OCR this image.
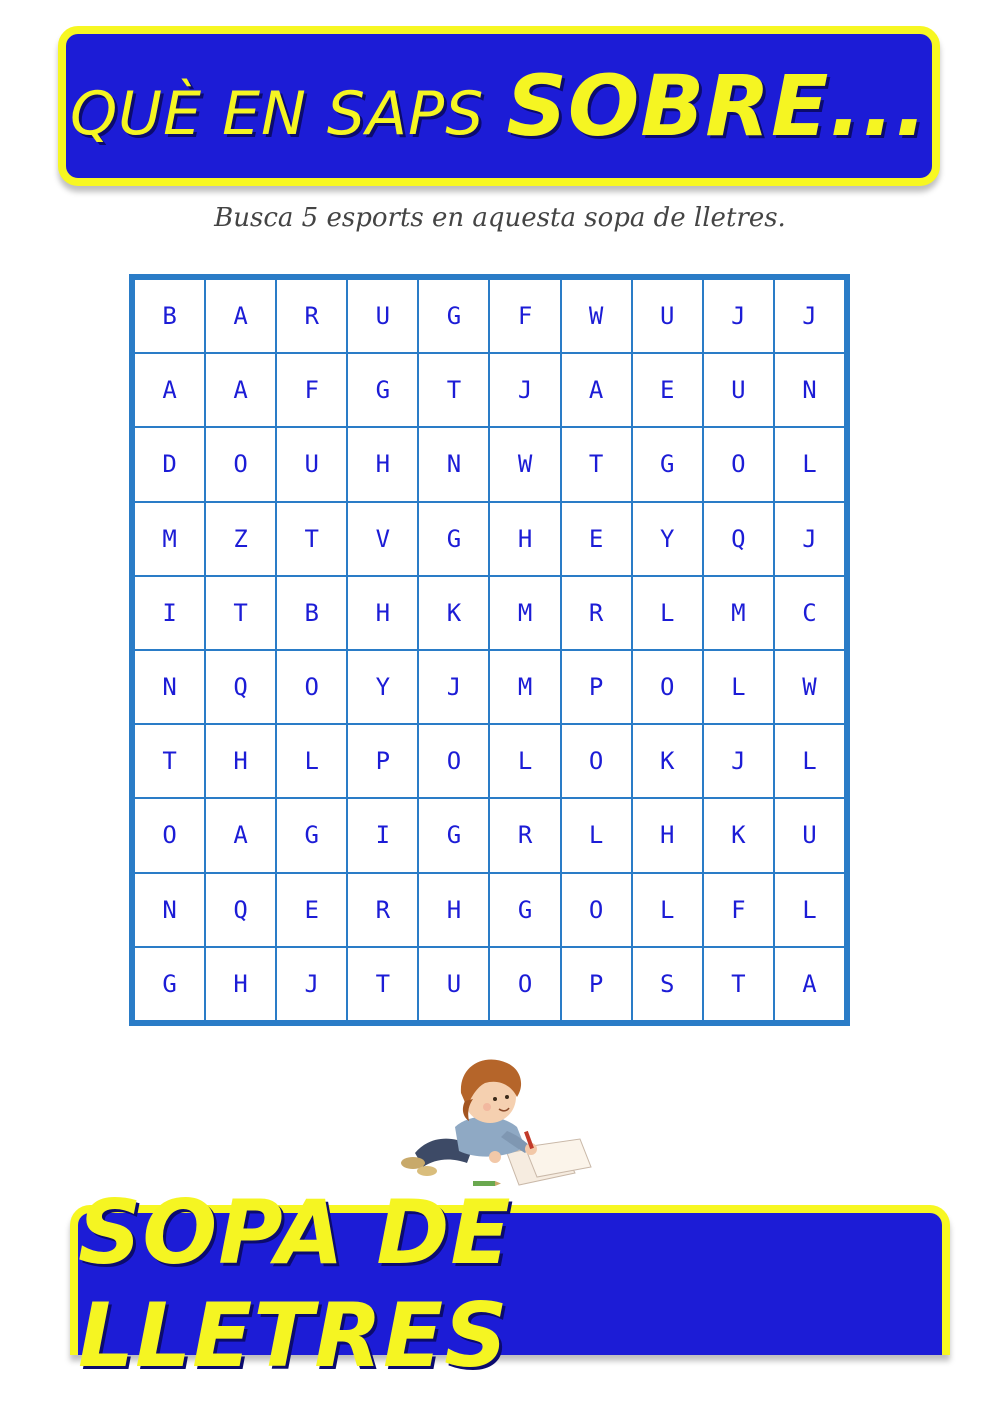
QUÈ EN SAPS SOBRE...
Busca 5 esports en aquesta sopa de lletres.
B	A	R	U	G	F	W	U	J	J
A	A	F	G	T	J	A	E	U	N
D	O	U	H	N	W	T	G	O	L
M	Z	T	V	G	H	E	Y	Q	J
I	T	B	H	K	M	R	L	M	C
N	Q	O	Y	J	M	P	O	L	W
T	H	L	P	O	L	O	K	J	L
O	A	G	I	G	R	L	H	K	U
N	Q	E	R	H	G	O	L	F	L
G	H	J	T	U	O	P	S	T	A
SOPA DE LLETRES
